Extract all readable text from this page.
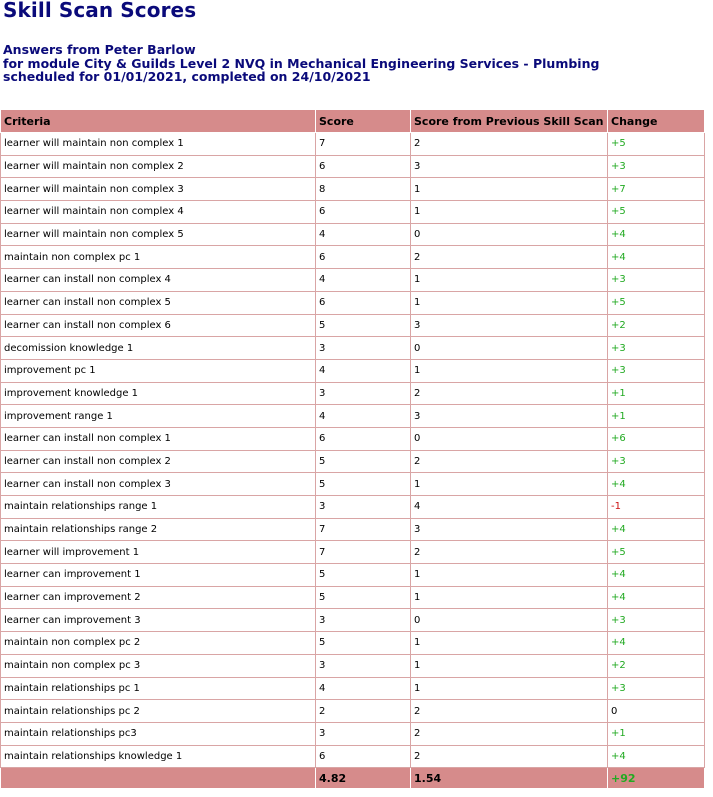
Skill Scan Scores
Answers from Peter Barlow
for module City & Guilds Level 2 NVQ in Mechanical Engineering Services - Plumbing
scheduled for 01/01/2021, completed on 24/10/2021
Criteria	Score	Score from Previous Skill Scan	Change
learner will maintain non complex 1	7	2	+5
learner will maintain non complex 2	6	3	+3
learner will maintain non complex 3	8	1	+7
learner will maintain non complex 4	6	1	+5
learner will maintain non complex 5	4	0	+4
maintain non complex pc 1	6	2	+4
learner can install non complex 4	4	1	+3
learner can install non complex 5	6	1	+5
learner can install non complex 6	5	3	+2
decomission knowledge 1	3	0	+3
improvement pc 1	4	1	+3
improvement knowledge 1	3	2	+1
improvement range 1	4	3	+1
learner can install non complex 1	6	0	+6
learner can install non complex 2	5	2	+3
learner can install non complex 3	5	1	+4
maintain relationships range 1	3	4	-1
maintain relationships range 2	7	3	+4
learner will improvement 1	7	2	+5
learner can improvement 1	5	1	+4
learner can improvement 2	5	1	+4
learner can improvement 3	3	0	+3
maintain non complex pc 2	5	1	+4
maintain non complex pc 3	3	1	+2
maintain relationships pc 1	4	1	+3
maintain relationships pc 2	2	2	0
maintain relationships pc3	3	2	+1
maintain relationships knowledge 1	6	2	+4
	4.82	1.54	+92
